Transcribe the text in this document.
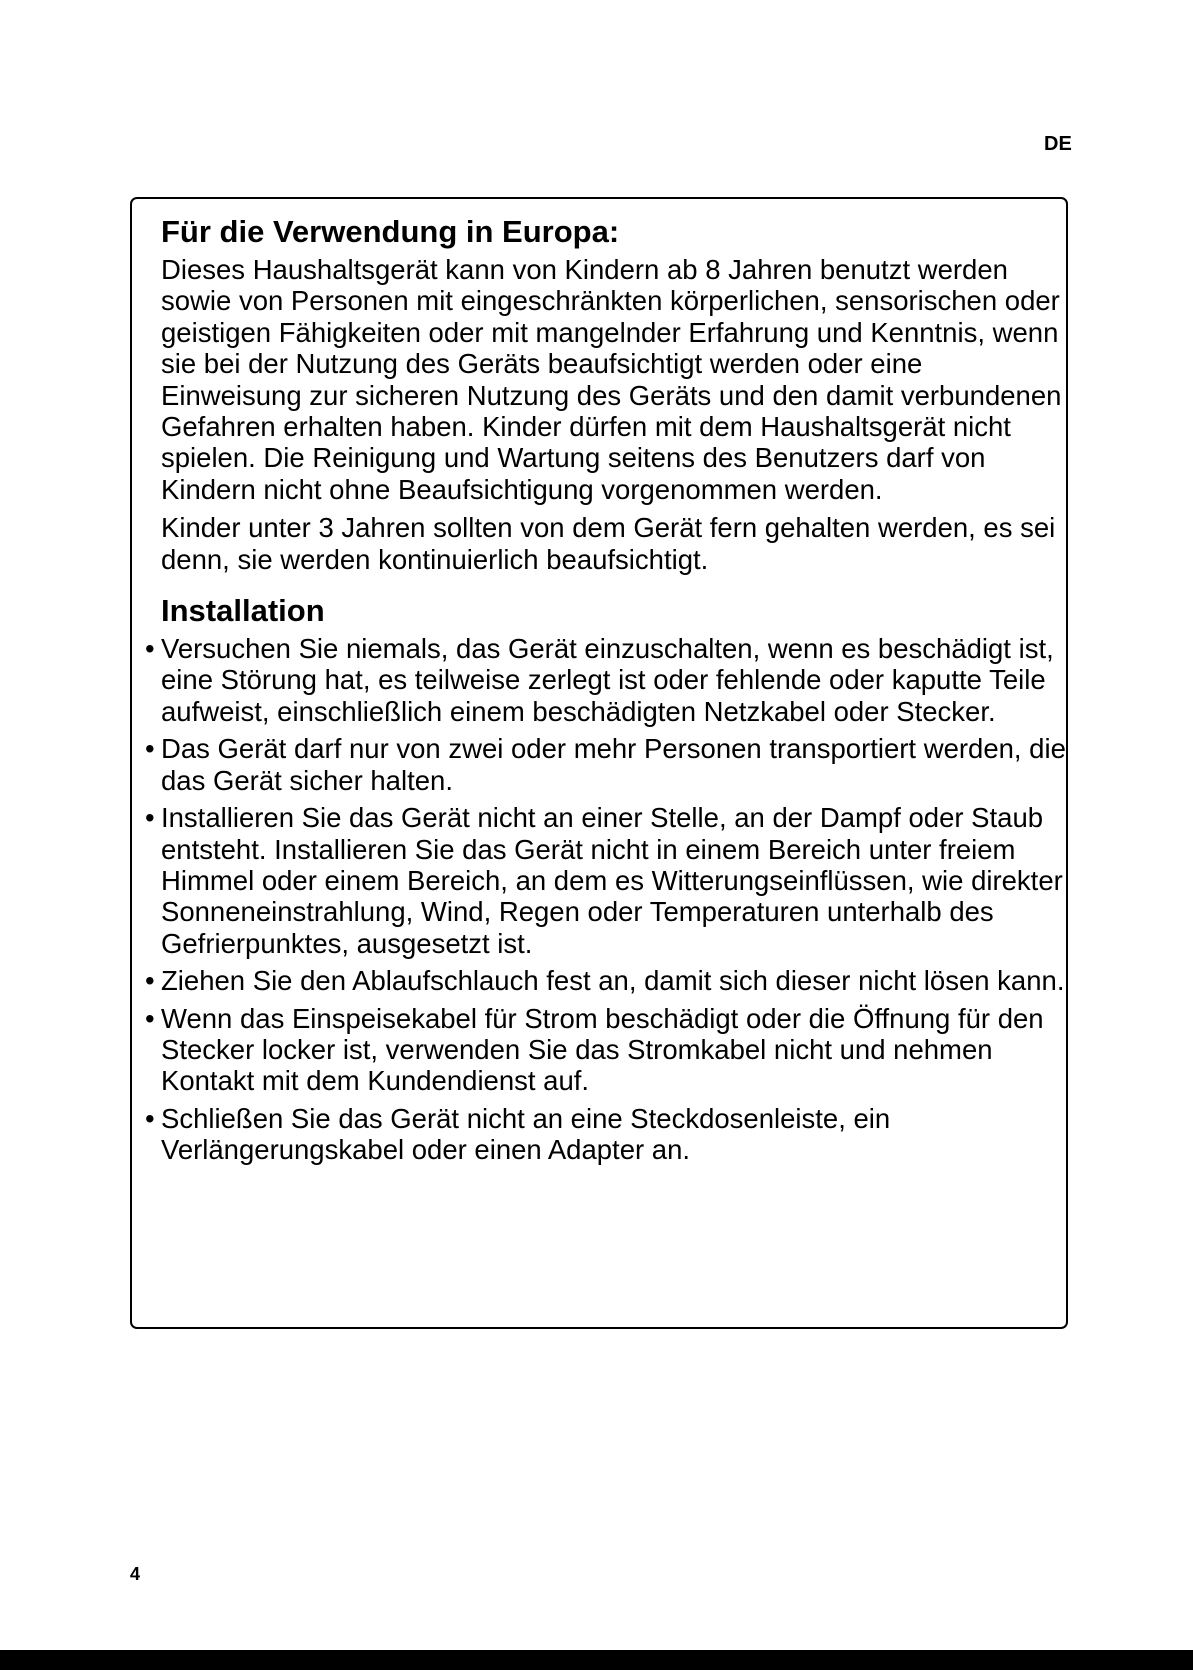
DE
Für die Verwendung in Europa:

Dieses Haushaltsgerät kann von Kindern ab 8 Jahren benutzt werden sowie von Personen mit eingeschränkten körperlichen, sensorischen oder geistigen Fähigkeiten oder mit mangelnder Erfahrung und Kenntnis, wenn sie bei der Nutzung des Geräts beaufsichtigt werden oder eine Einweisung zur sicheren Nutzung des Geräts und den damit verbundenen Gefahren erhalten haben. Kinder dürfen mit dem Haushaltsgerät nicht spielen. Die Reinigung und Wartung seitens des Benutzers darf von Kindern nicht ohne Beaufsichtigung vorgenommen werden.

Kinder unter 3 Jahren sollten von dem Gerät fern gehalten werden, es sei denn, sie werden kontinuierlich beaufsichtigt.

Installation
• Versuchen Sie niemals, das Gerät einzuschalten, wenn es beschädigt ist, eine Störung hat, es teilweise zerlegt ist oder fehlende oder kaputte Teile aufweist, einschließlich einem beschädigten Netzkabel oder Stecker.
• Das Gerät darf nur von zwei oder mehr Personen transportiert werden, die das Gerät sicher halten.
• Installieren Sie das Gerät nicht an einer Stelle, an der Dampf oder Staub entsteht. Installieren Sie das Gerät nicht in einem Bereich unter freiem Himmel oder einem Bereich, an dem es Witterungseinflüssen, wie direkter Sonneneinstrahlung, Wind, Regen oder Temperaturen unterhalb des Gefrierpunktes, ausgesetzt ist.
• Ziehen Sie den Ablaufschlauch fest an, damit sich dieser nicht lösen kann.
• Wenn das Einspeisekabel für Strom beschädigt oder die Öffnung für den Stecker locker ist, verwenden Sie das Stromkabel nicht und nehmen Kontakt mit dem Kundendienst auf.
• Schließen Sie das Gerät nicht an eine Steckdosenleiste, ein Verlängerungskabel oder einen Adapter an.
4
